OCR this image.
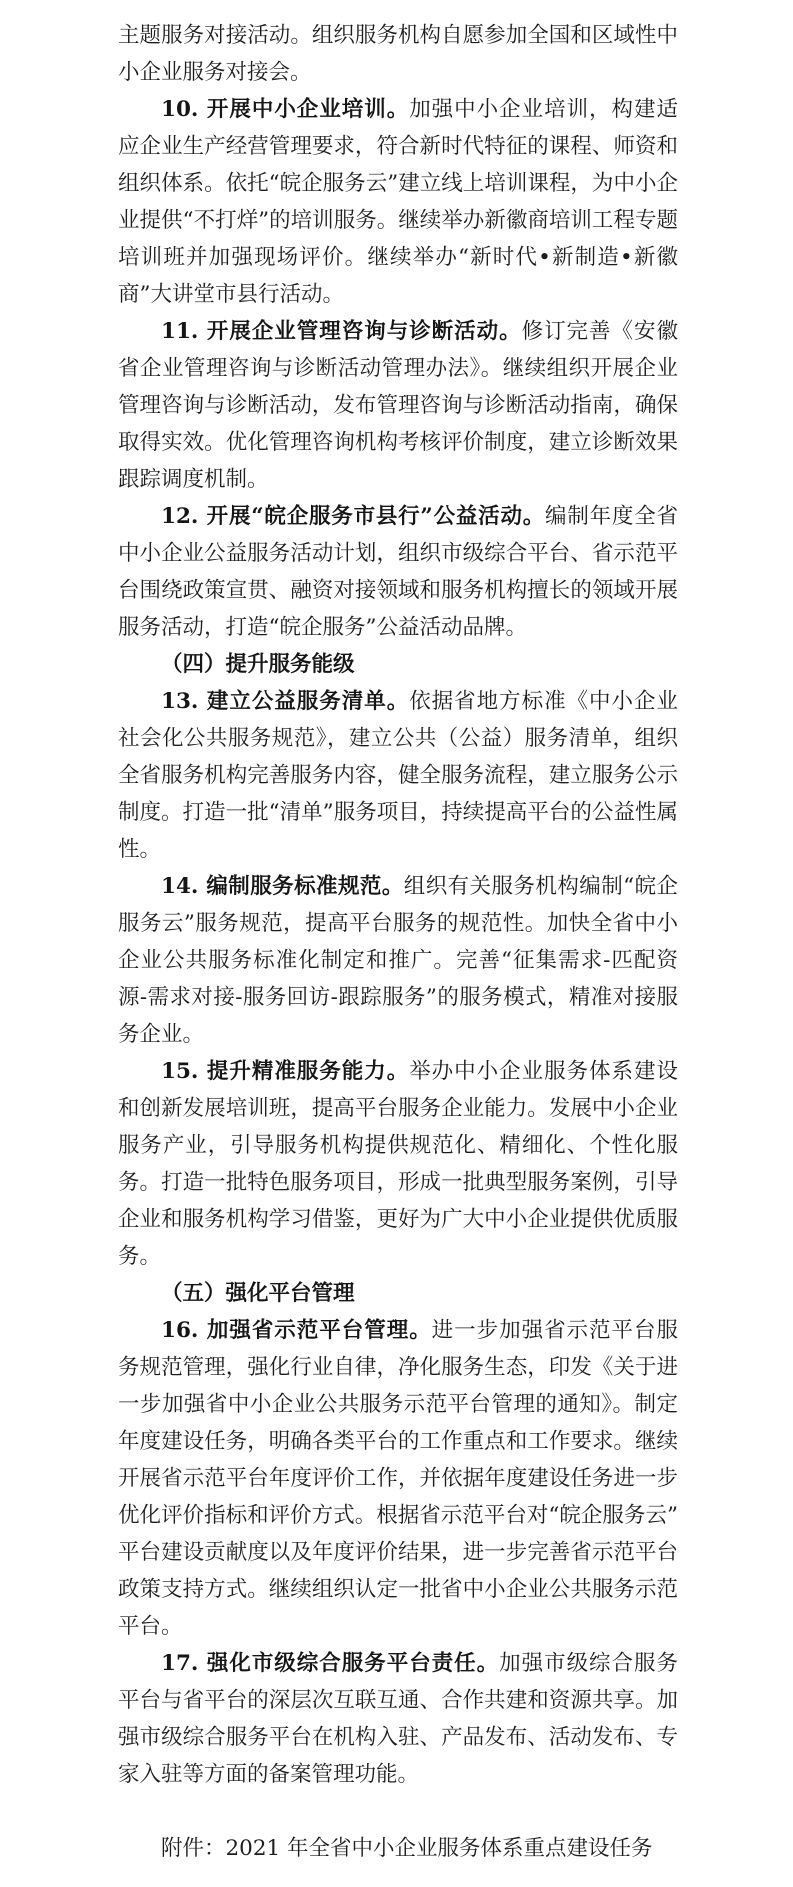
主题服务对接活动。组织服务机构自愿参加全国和区域性中小企业服务对接会。

10. 开展中小企业培训。加强中小企业培训，构建适应企业生产经营管理要求，符合新时代特征的课程、师资和组织体系。依托“皖企服务云”建立线上培训课程，为中小企业提供“不打烊”的培训服务。继续举办新徽商培训工程专题培训班并加强现场评价。继续举办“新时代•新制造•新徽商”大讲堂市县行活动。

11. 开展企业管理咨询与诊断活动。修订完善《安徽省企业管理咨询与诊断活动管理办法》。继续组织开展企业管理咨询与诊断活动，发布管理咨询与诊断活动指南，确保取得实效。优化管理咨询机构考核评价制度，建立诊断效果跟踪调度机制。

12. 开展“皖企服务市县行”公益活动。编制年度全省中小企业公益服务活动计划，组织市级综合平台、省示范平台围绕政策宣贯、融资对接领域和服务机构擅长的领域开展服务活动，打造“皖企服务”公益活动品牌。

（四）提升服务能级

13. 建立公益服务清单。依据省地方标准《中小企业社会化公共服务规范》，建立公共（公益）服务清单，组织全省服务机构完善服务内容，健全服务流程，建立服务公示制度。打造一批“清单”服务项目，持续提高平台的公益性属性。

14. 编制服务标准规范。组织有关服务机构编制“皖企服务云”服务规范，提高平台服务的规范性。加快全省中小企业公共服务标准化制定和推广。完善“征集需求-匹配资源-需求对接-服务回访-跟踪服务”的服务模式，精准对接服务企业。

15. 提升精准服务能力。举办中小企业服务体系建设和创新发展培训班，提高平台服务企业能力。发展中小企业服务产业，引导服务机构提供规范化、精细化、个性化服务。打造一批特色服务项目，形成一批典型服务案例，引导企业和服务机构学习借鉴，更好为广大中小企业提供优质服务。

（五）强化平台管理

16. 加强省示范平台管理。进一步加强省示范平台服务规范管理，强化行业自律，净化服务生态，印发《关于进一步加强省中小企业公共服务示范平台管理的通知》。制定年度建设任务，明确各类平台的工作重点和工作要求。继续开展省示范平台年度评价工作，并依据年度建设任务进一步优化评价指标和评价方式。根据省示范平台对“皖企服务云”平台建设贡献度以及年度评价结果，进一步完善省示范平台政策支持方式。继续组织认定一批省中小企业公共服务示范平台。

17. 强化市级综合服务平台责任。加强市级综合服务平台与省平台的深层次互联互通、合作共建和资源共享。加强市级综合服务平台在机构入驻、产品发布、活动发布、专家入驻等方面的备案管理功能。

附件：2021 年全省中小企业服务体系重点建设任务
